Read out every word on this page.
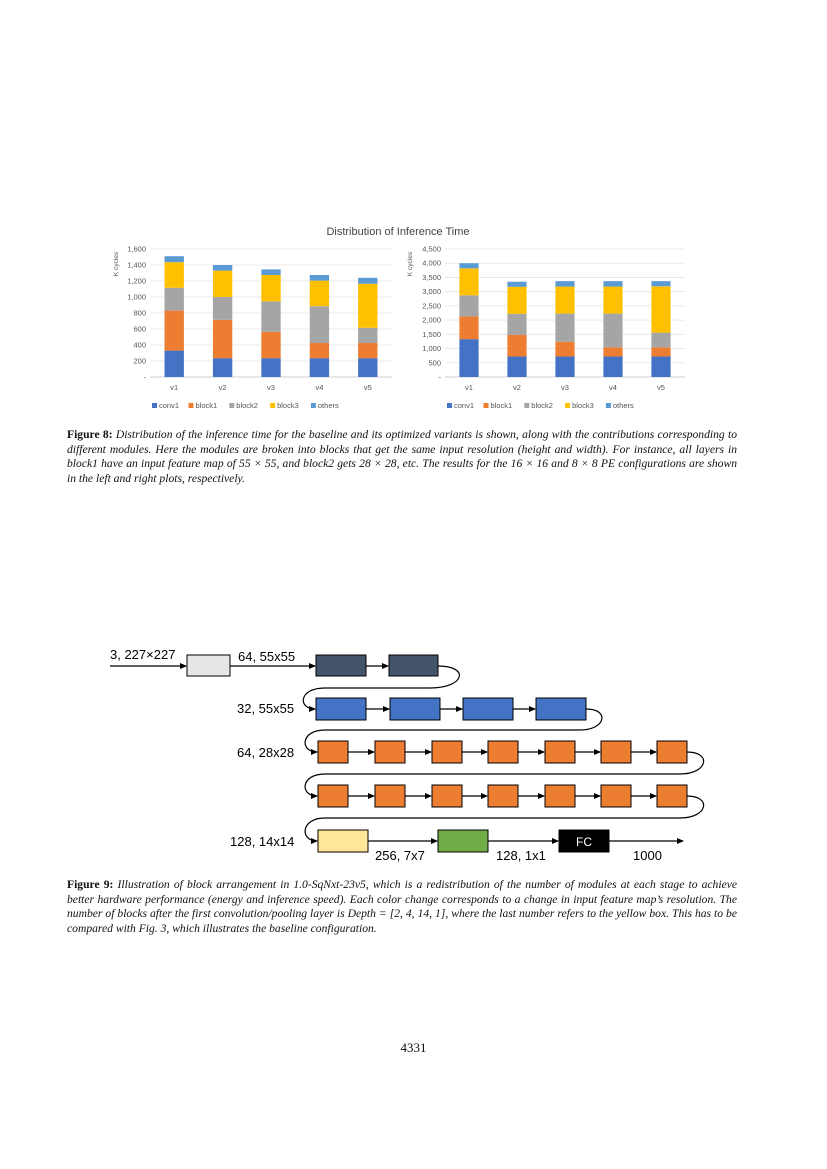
Distribution of Inference Time
K cycles
-
200
400
600
800
1,000
1,200
1,400
1,600
v1	v2	v3	v4	v5
conv1 block1	block2	block3	others
K cycles
-
500
1,000
1,500
2,000
2,500
3,000
3,500
4,000
4,500
v1	v2	v3	v4	v5
conv1 block1	block2	block3	others
Figure 8: Distribution of the inference time for the baseline and its optimized variants is shown, along with the contributions corresponding to different modules. Here the modules are broken into blocks that get the same input resolution (height and width). For instance, all layers in block1 have an input feature map of 55 × 55, and block2 gets 28 × 28, etc. The results for the 16 × 16 and 8 × 8 PE configurations are shown in the left and right plots, respectively.
3, 227×227	64, 55x55
32, 55x55
64, 28x28
128, 14x14
256, 7x7	128, 1x1	1000
FC
Figure 9: Illustration of block arrangement in 1.0-SqNxt-23v5, which is a redistribution of the number of modules at each stage to achieve better hardware performance (energy and inference speed). Each color change corresponds to a change in input feature map’s resolution. The number of blocks after the first convolution/pooling layer is Depth = [2, 4, 14, 1], where the last number refers to the yellow box. This has to be compared with Fig. 3, which illustrates the baseline configuration.
4331
